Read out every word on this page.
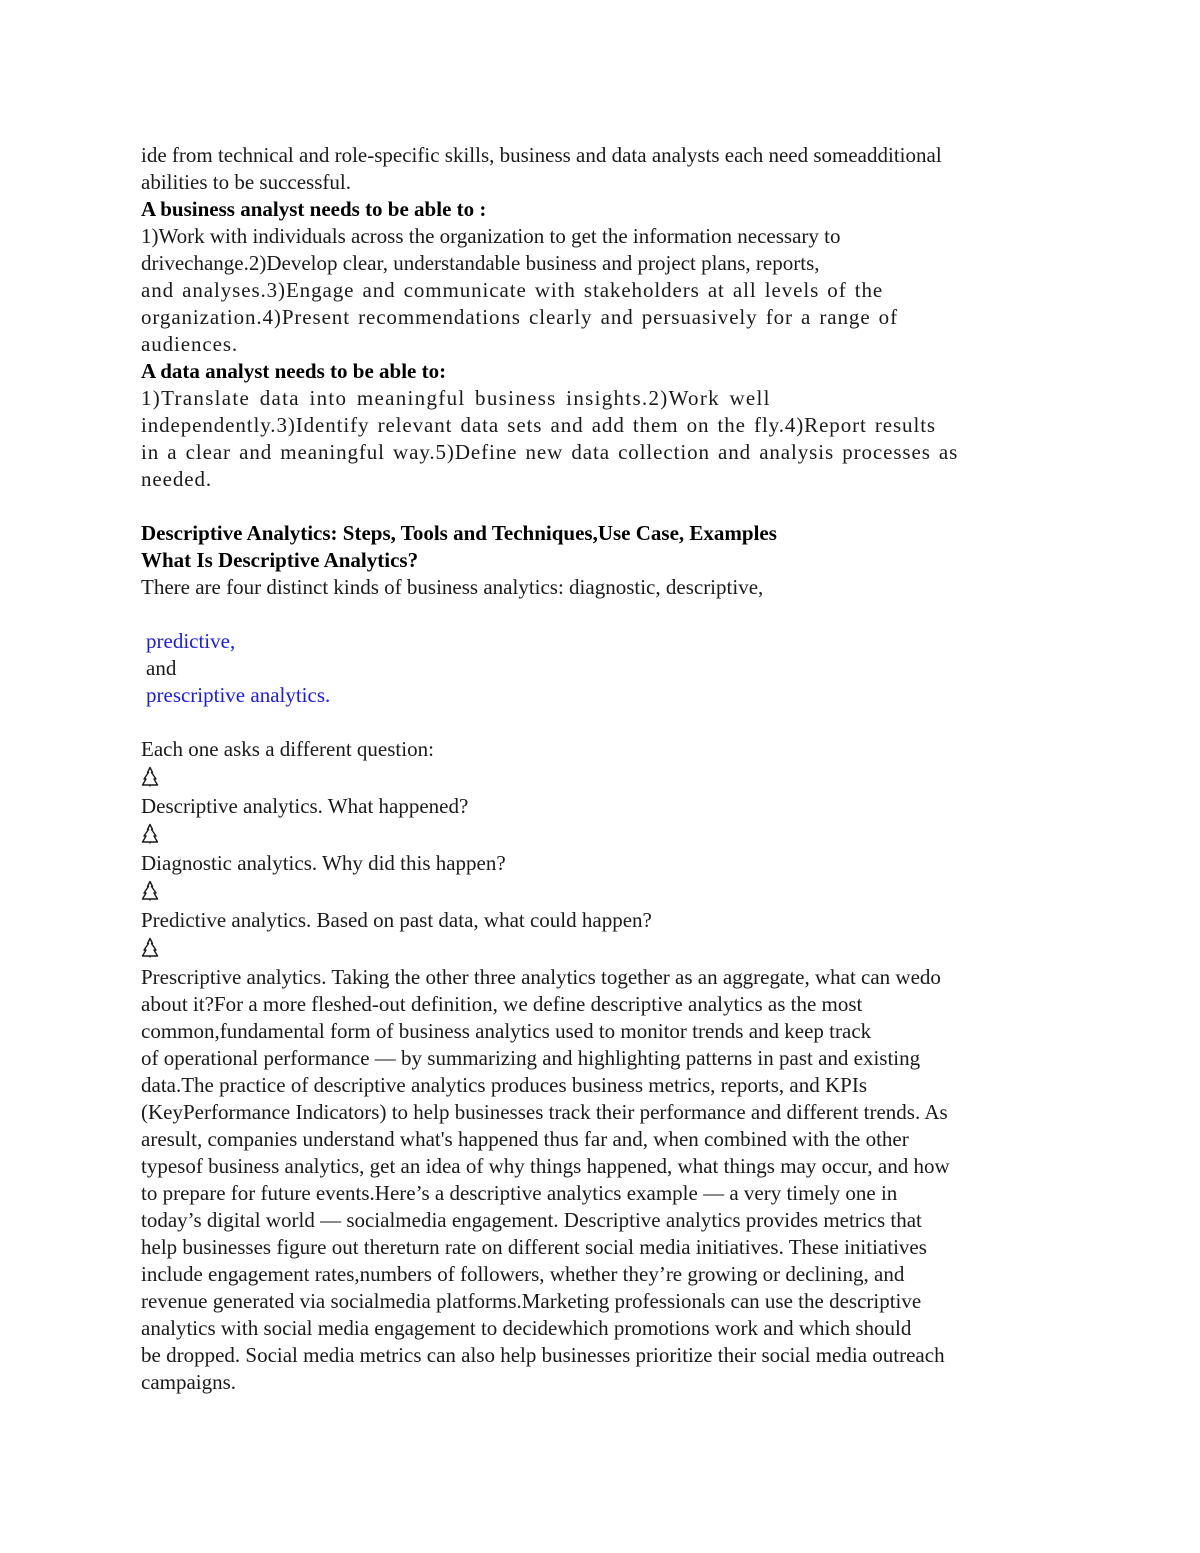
ide from technical and role-specific skills, business and data analysts each need someadditional
abilities to be successful.
A business analyst needs to be able to :
1)Work with individuals across the organization to get the information necessary to
drivechange.2)Develop clear, understandable business and project plans, reports,
and analyses.3)Engage and communicate with stakeholders at all levels of the
organization.4)Present recommendations clearly and persuasively for a range of
audiences.
A data analyst needs to be able to:
1)Translate data into meaningful business insights.2)Work well
independently.3)Identify relevant data sets and add them on the fly.4)Report results
in a clear and meaningful way.5)Define new data collection and analysis processes as
needed.
Descriptive Analytics: Steps, Tools and Techniques,Use Case, Examples
What Is Descriptive Analytics?
There are four distinct kinds of business analytics: diagnostic, descriptive,
predictive,
and
prescriptive analytics.
Each one asks a different question:
Descriptive analytics. What happened?
Diagnostic analytics. Why did this happen?
Predictive analytics. Based on past data, what could happen?
Prescriptive analytics. Taking the other three analytics together as an aggregate, what can wedo
about it?For a more fleshed-out definition, we define descriptive analytics as the most
common,fundamental form of business analytics used to monitor trends and keep track
of operational performance — by summarizing and highlighting patterns in past and existing
data.The practice of descriptive analytics produces business metrics, reports, and KPIs
(KeyPerformance Indicators) to help businesses track their performance and different trends. As
aresult, companies understand what's happened thus far and, when combined with the other
typesof business analytics, get an idea of why things happened, what things may occur, and how
to prepare for future events.Here’s a descriptive analytics example — a very timely one in
today’s digital world — socialmedia engagement. Descriptive analytics provides metrics that
help businesses figure out thereturn rate on different social media initiatives. These initiatives
include engagement rates,numbers of followers, whether they’re growing or declining, and
revenue generated via socialmedia platforms.Marketing professionals can use the descriptive
analytics with social media engagement to decidewhich promotions work and which should
be dropped. Social media metrics can also help businesses prioritize their social media outreach
campaigns.
